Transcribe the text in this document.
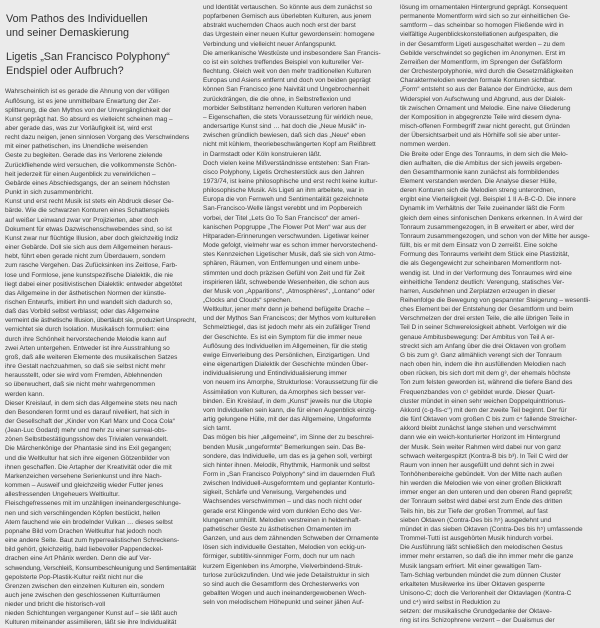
Vom Pathos des Individuellen
und seiner Demaskierung
Ligetis „San Francisco Polyphony“
Endspiel oder Aufbruch?
Wahrscheinlich ist es gerade die Ahnung von der völligen
Auflösung, ist es jene unmittelbare Erwartung der Zer-
splitterung, die den Mythos von der Unvergänglichkeit der
Kunst geprägt hat. So absurd es vielleicht scheinen mag –
aber gerade das, was zur Vorläufigkeit ist, wird erst
recht dazu neigen, jenen sinnlosen Vorgang des Verschwindens
mit einer pathetischen, ins Unendliche weisenden
Geste zu begleiten. Gerade das ins Verlorene zielende
Zurückfliehende wird versuchen, die vollkommenste Schön-
heit jederzeit für einen Augenblick zu verwirklichen –
Gebärde eines Abschiedsgangs, der an seinem höchsten
Punkt in sich zusammenbricht.
Kunst und erst recht Musik ist stets ein Abdruck dieser Ge-
bärde. Wie die schwarzen Konturen eines Schattenspiels
auf weißer Leinwand zwar vor Projizierten, aber doch
Dokument für etwas Dazwischenschwebendes sind, so ist
Kunst zwar nur flüchtige Illusion, aber doch gleichzeitig Indiz
einer Gebärde. Doll sie sich aus dem Allgemeinen heraus-
hebt, führt eben gerade nicht zum Überdauern, sondern
zum rasche Vergehen. Das Zufücksinken ins Zeitlose, Farb-
lose und Formlose, jene kunstspezifische Dialektik, die nie
liegt dabei einer positivistischen Dialektik: entweder abgetötet
das Allgemeine in der ästhetischen Normen der künstle-
rischen Entwurfs, imitiert ihn und wandelt sich dadurch so,
daß das Vorbild selbst verblasst; oder das Allgemeine
vermeint die ästhetische Illusion, übertäubt sie, produziert Unsprecht,
vernichtet sie durch Isolation. Musikalisch formuliert: eine
durch ihre Schönheit hervorstechende Melodie kann auf
zwei Arten untergehen. Entweder ist ihre Ausstrahlung so
groß, daß alle weiteren Elemente des musikalischen Satzes
ihre Gestalt nachzuahmen, so daß sie selbst nicht mehr
herausstellt, oder sie wird vom Fremden, Ablehnenden
so überwuchert, daß sie nicht mehr wahrgenommen
werden kann.
Dieser Kreislauf, in dem sich das Allgemeine stets neu nach
den Besonderen formt und es darauf nivelliert, hat sich in
der Gesellschaft der „Kinder von Karl Marx und Coca Cola“
(Jean-Luc Godard) mehr und mehr zu einer surreal-obs-
zönen Selbstbestätigungsshow des Trivialen verwandelt.
Die Märchenkönige der Phantasie sind ins Exil gegangen;
und die Weltkultur hat sich ihre eigenen Götzenbilder von
ihnen geschaffen. Die Artapher der Kreativität oder die mit
Markenzeichen versehene Serienkunst und ihre Nach-
kommen – Ausweif und gleichzeitig wieder Futter jenes
allesfressenden Ungeheuers Weltkultur.
Fleischgefressenes mit im unzähligen ineinandergeschlunge-
nen und sich verschlingenden Köpfen bestückt, hellen
Atem fauchend wie ein brodelnder Vulkan … dieses selbst
popnahe Bild vom Drachen Weltkultur hat jedoch noch
eine andere Seite. Baut zum hyperrealistischen Schreckens-
bild gehört, gleichzeitig, bald liebevoller Pappendeckel-
drachen eine Art Phänix werden. Denn die auf Ver-
schwendung, Verschleiß, Konsumbeschleunigung und Sentimentalität
gepolsterte Pop-Plastik-Kultur reißt nicht nur die
Grenzen zwischen den einzelnen Kulturen ein, sondern
auch jene zwischen den geschlossenen Kulturräumen
nieder und bricht die historisch-voll
nieden Schichtungen vergangener Kunst auf – sie läßt auch
Kulturen miteinander assimilieren, läßt sie ihre Individualität
und Identität vertauschen. So könnte aus dem zunächst so
popfarbenen Gemisch aus überlebten Kulturen, aus jenem
abstrakt wuchernden Chaos auch noch erst der barst
das Urgestein einer neuen Kultur gewordensein: homogene
Verbindung und vielleicht neuer Anfangspunkt.
Die amerikanische Westküste und insbesondere San Francis-
co ist ein solches treffendes Beispiel von kultureller Ver-
flechtung. Gleich weit von den mehr traditionellen Kulturen
Europas und Asiens entfernt und doch von beiden geprägt
können San Francisco jene Naivität und Ungebrochenheit
zurückdrängen, die die ohne, in Selbstreflexion und
morbider Selbstiltanz herrenden Kulturen verloren haben
– Eigenschaften, die stets Voraussetzung für wirklich neue,
andersartige Kunst sind … hat doch die „Neue Musik“ in-
zwischen gründlich bewiesen, daß sich das „Neue“ eben
nicht mit kühlem, theoriebeschwängerten Kopf am Reißbrett
in Darmstadt oder Köln konstruieren läßt.
Doch vielen keine Mißverständnisse entstehen: San Fran-
cisco Polyphony, Ligetis Orchesterstück aus den Jahren
1973/74, ist keine philosophische und erst recht keine kultur-
philosophische Musik. Als Ligeti an ihm arbeitete, war in
Europa die von Fernweh und Sentimentalität gezeichnete
San-Francisco-Welle längst verebbt und im Popbereich
vorbei, der Titel „Lets Go To San Francisco“ der ameri-
kanischen Popgruppe „The Flower Pot Men“ war aus der
Hitparaden-Erinnerungen verschwunden. Ligetiwar keiner
Mode gefolgt, vielmehr war es schon immer hervorstechend-
stes Kennzeichen Ligetischer Musik, daß sie sich von Atmo-
sphären, Räumen, von Entfernungen und einem unbe-
stimmten und doch präzisen Gefühl von Zeit und für Zeit
inspirieren läßt, schwebende Wesenheiten, die schon aus
der Musik von „Apparitions“, „Atmosphères“, „Lontano“ oder
„Clocks and Clouds“ sprechen.
Weltkultur, jener mehr denn je behend befügelte Drache –
und der Mythos San Franciscos; der Mythos vom kulturellen
Schmelztiegel, das ist jedoch mehr als ein zufälliger Trend
der Geschichte. Es ist ein Symptom für die immer neue
Auflösung des Individuellen im Allgemeinen, für die stetig
ewige Einverleibung des Persönlichen, Einzigartigen. Und
eine eigenartigen Dialektik der Geschichte münden Über-
individualisierung und Entindividualisierung immer
von neuem ins Amorphe, Strukturlose: Voraussetzung für die
Assimilation von Kulturen, da Amorphes sich besser ver-
binden. Ein Kreislauf, in dem „Kunst“ jeweils nur die Utopie
vom Individuellen sein kann, die für einen Augenblick einzig-
artig gelungene Hülle, mit der das Allgemeine, Ungeformte
sich tarnt.
Das mögen bis hier „allgemeine“, im Sinne der zu beschrei-
benden Musik „ungeformte“ Bemerkungen sein. Das Be-
sondere, das Individuelle, um das es ja gehen soll, verbirgt
sich hinter ihnen. Melodik, Rhythmik, Harmonik und selbst
Form in „San Francisco Polyphony“ sind im dauernden Fluß
zwischen Individuell-Ausgeformtem und geplanter Konturlo-
sigkeit, Schärfe und Verwisung, Vergehendes und
Wachsendes verschwimmen – und das noch nicht oder
gerade erst Klingende wird vom dunklen Echo des Ver-
klungenen umhüllt. Melodien verstreinen in heldenhaft-
pathetischer Geste zu ästhetischen Ornamenten im
Ganzen, und aus dem zähnenden Schweben der Ornamente
lösen sich individuelle Gestalten, Melodien von eckig-un-
förmiger, subtiltiv-sinnmiger Form, doch nur um nach
kurzem Eigenleben ins Amorphe, Vielverbindend-Struk-
turlose zurückzufinden. Und wie jede Detailstruktur in sich
so sind auch die Gesamtform des Orchesterwerks von
geballten Wogen und auch ineinandergewobenen Wech-
seln von melodischem Höhepunkt und seiner jähen Auf-
lösung im ornamentalen Hintergrund geprägt. Konsequent
permanente Momentform wird sich so zur einheitlichen Ge-
samtform – das scheinbar so homogen Fließende wird in
vielfältige Augenblickskonstellationen aufgespalten, die
in der Gesamtform Ligeti ausgeschaltet werden – zu dem
Gebilde verschwindet so geglichen im Anonymen. Erst im
Zerreißen der Momentform, im Sprengen der Gefäßform
der Orchesterpolyphonie, wird durch die Gesetzmäßigkeiten
Charaktermelodien werden formale Konturen sichtbar.
„Form“ entsteht so aus der Balance der Eindrücke, aus dem
Widerspiel von Aufschwung und Abgrund, aus der Dialek-
tik zwischen Ornament und Melodie. Eine naive Gliederung
der Komposition in abgegrenzte Teile wird diesem dyna-
misch-offenen Formbegriff zwar nicht gerecht, gut Gründen
der Übersichtsarbeit und als Hörhilfe soll sie aber unter-
nommen werden.
Die Breite oder Enge des Tonraums, in dem sich die Melo-
dien aufhalten, die die Ambitus der sich jeweils ergeben-
den Gesamtharmonie kann zunächst als formbildendes
Element verstanden werden. Die Analyse dieser Hülle,
deren Konturen sich die Melodien streng unterordnen,
ergibt eine Vierteiligkeit (vgl. Beispiel 1 II A-B-C-D. Die innere
Dynamik im Verhältnis der Teile zueinander läßt die Form
gleich dem eines sinfonischen Denkens erkennen. In A wird der
Tonraum zusammengezogen, in B erweitert er aber, wird der
Tonraum zusammengezogen, und schon von der Mitte her ausge-
füllt, bis er mit dem Einsatz von D zerreißt. Eine solche
Formung des Tonraums verleiht dem Stück eine Plastizität,
die als Gegengewicht zur scheinbaren Momentform not-
wendig ist. Und in der Verformung des Tonraumes wird eine
einheitliche Tendenz deutlich: Verengung, statisches Ver-
harren, Ausdehnen und Zerplatzen erzeugen in dieser
Reihenfolge die Bewegung von gespannter Steigerung – wesentli-
ches Element bei der Entstehung der Gesamtform und beim
Verschmelzen der drei ersten Teile, die alle übrigen Teile in
Teil D in seiner Schwerelosigkeit abhebt. Verfolgen wir die
genaue Ambitusbewegung: Der Ambitus von Teil A er-
streckt sich am Anfang über die drei Oktaven von großem
G bis zum g³. Ganz allmählich verengt sich der Tonraum
nach oben hin, indem die ihn ausfüllenden Melodien nach
oben rücken, bis sich dort mit dem g³, der ehemals höchste
Ton zum felsten geworden ist, während die tiefere Band des
Frequenzbandes von c¹ gebildet wurde. Dieser Quart-
cluster mündet in einen sehr weichen Doppelquinttrionus-
Akkord (c-g-fis-c‘‘) mit dem der zweite Teil beginnt. Der für
die fünf Oktaven vom großen C bis zum c⁴ fallende Streicher-
akkord bleibt zunächst lange stehen und verschwimmt
dann wie ein weich-konturierter Horizont im Hintergrund
der Musik. Sein weiter Rahmen wird dabei nur von ganz
schwach weitergespitzt (Kontra-B bis b³). In Teil C wird der
Raum von innen her ausgefüllt und dehnt sich in zwei
Tonhöhenbereiche gebündelt. Von der Mitte nach außen
hin werden die Melodien wie von einer großen Blickkraft
immer enger an den unteren und den oberen Rand gepreßt;
der Tonraum selbst wird dabei erst zum Ende des dritten
Teils hin, bis zur Tiefe der großen Trommel, auf fast
sieben Oktaven (Contra-Des bis h⁵) ausgedehnt und
mündet in das sieben Oktaven (Contra-Des bis h⁵) umfassende
Trommel-Tutti ist ausgehörten Musik hindurch vorbei.
Die Ausführung läßt schließlich den melodischen Gestus
immer mehr erstarren, so daß die ihn immer mehr die ganze
Musik langsam erfriert. Mit einer gewaltigen Tam-
Tam-Schlag verbunden mündet die zum dünnen Cluster
erkalteten Musikwerke ins über Oktaven gesperrte
Unisono-C; doch die Verlorenheit der Oktavlagen (Kontra-C
und c⁴) wird selbst in Reduktion zu
setzen: der musikalische Grundgedanke der Oktave-
ring ist ins Schizophrene verzerrt – der Dualismus der
